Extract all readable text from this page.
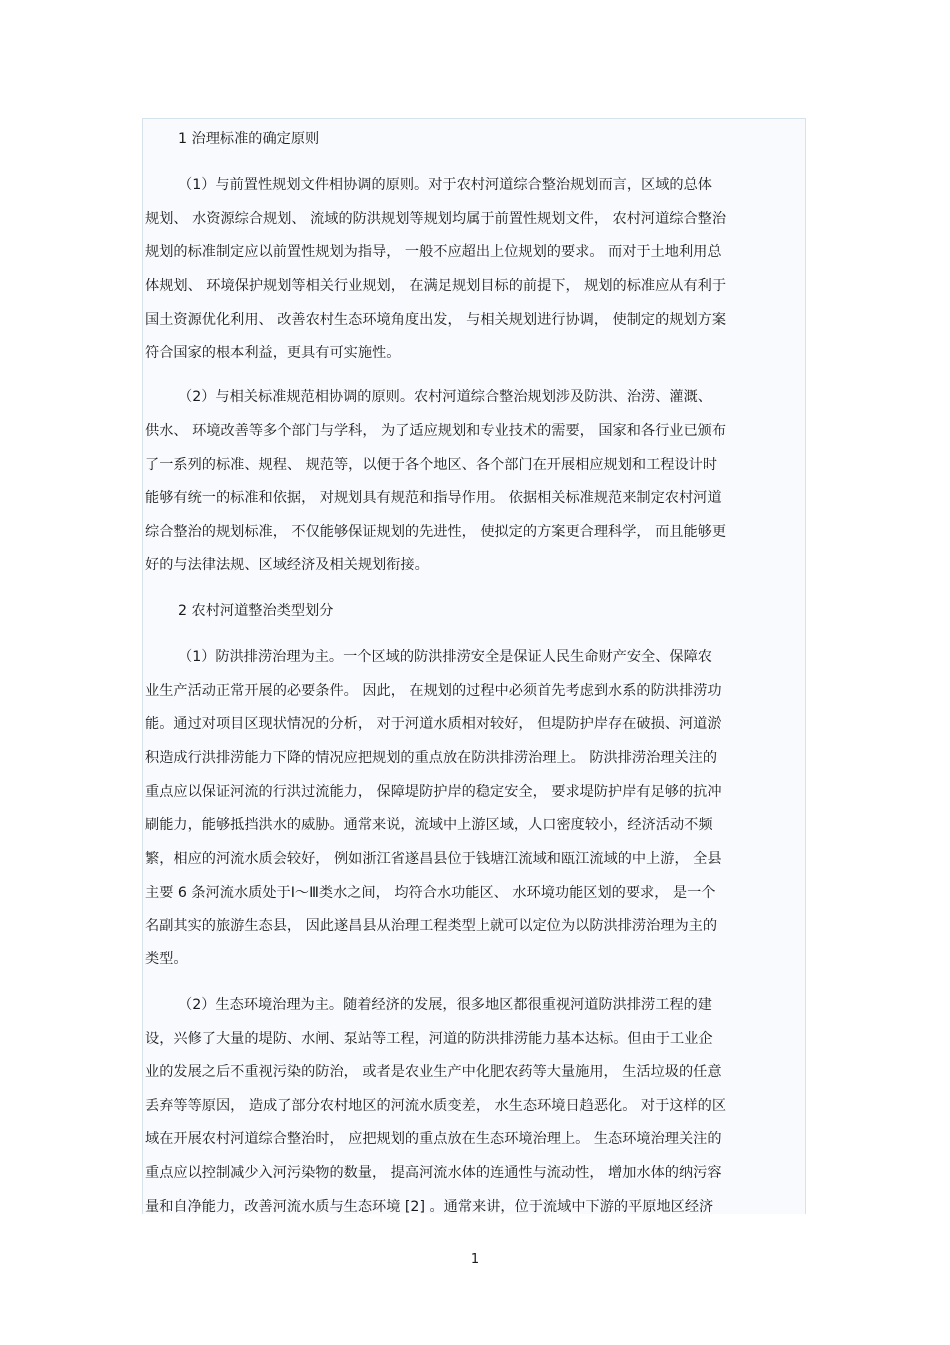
1 治理标准的确定原则
（1）与前置性规划文件相协调的原则。对于农村河道综合整治规划而言，区域的总体
规划、 水资源综合规划、 流域的防洪规划等规划均属于前置性规划文件， 农村河道综合整治
规划的标准制定应以前置性规划为指导， 一般不应超出上位规划的要求。 而对于土地利用总
体规划、 环境保护规划等相关行业规划， 在满足规划目标的前提下， 规划的标准应从有利于
国土资源优化利用、 改善农村生态环境角度出发， 与相关规划进行协调， 使制定的规划方案
符合国家的根本利益，更具有可实施性。
（2）与相关标准规范相协调的原则。农村河道综合整治规划涉及防洪、治涝、灌溉、
供水、 环境改善等多个部门与学科， 为了适应规划和专业技术的需要， 国家和各行业已颁布
了一系列的标准、规程、 规范等，以便于各个地区、各个部门在开展相应规划和工程设计时
能够有统一的标准和依据， 对规划具有规范和指导作用。 依据相关标准规范来制定农村河道
综合整治的规划标准， 不仅能够保证规划的先进性， 使拟定的方案更合理科学， 而且能够更
好的与法律法规、区域经济及相关规划衔接。
2 农村河道整治类型划分
（1）防洪排涝治理为主。一个区域的防洪排涝安全是保证人民生命财产安全、保障农
业生产活动正常开展的必要条件。 因此， 在规划的过程中必须首先考虑到水系的防洪排涝功
能。通过对项目区现状情况的分析， 对于河道水质相对较好， 但堤防护岸存在破损、河道淤
积造成行洪排涝能力下降的情况应把规划的重点放在防洪排涝治理上。 防洪排涝治理关注的
重点应以保证河流的行洪过流能力， 保障堤防护岸的稳定安全， 要求堤防护岸有足够的抗冲
刷能力，能够抵挡洪水的威胁。通常来说，流域中上游区域，人口密度较小，经济活动不频
繁，相应的河流水质会较好， 例如浙江省遂昌县位于钱塘江流域和瓯江流域的中上游， 全县
主要 6 条河流水质处于Ⅰ～Ⅲ类水之间， 均符合水功能区、 水环境功能区划的要求， 是一个
名副其实的旅游生态县， 因此遂昌县从治理工程类型上就可以定位为以防洪排涝治理为主的
类型。
（2）生态环境治理为主。随着经济的发展，很多地区都很重视河道防洪排涝工程的建
设，兴修了大量的堤防、水闸、泵站等工程，河道的防洪排涝能力基本达标。但由于工业企
业的发展之后不重视污染的防治， 或者是农业生产中化肥农药等大量施用， 生活垃圾的任意
丢弃等等原因， 造成了部分农村地区的河流水质变差， 水生态环境日趋恶化。 对于这样的区
域在开展农村河道综合整治时， 应把规划的重点放在生态环境治理上。 生态环境治理关注的
重点应以控制减少入河污染物的数量， 提高河流水体的连通性与流动性， 增加水体的纳污容
量和自净能力，改善河流水质与生态环境 [2] 。通常来讲，位于流域中下游的平原地区经济
1
